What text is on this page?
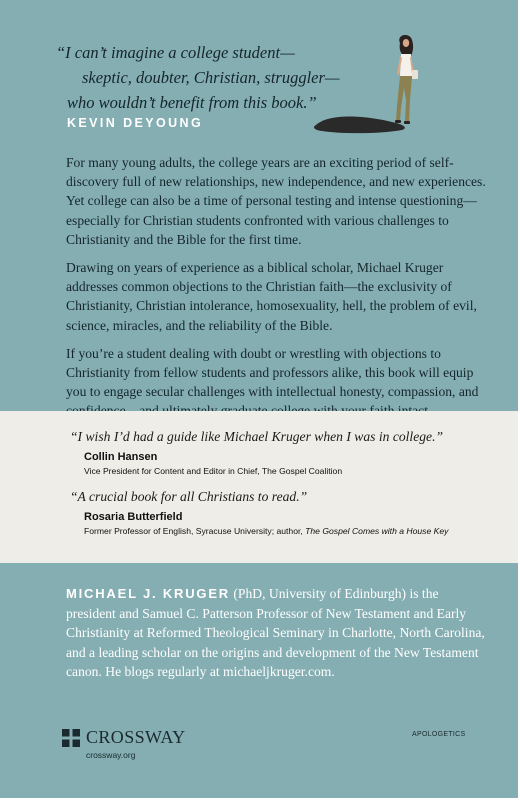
“I can’t imagine a college student—
skeptic, doubter, Christian, struggler—
who wouldn’t benefit from this book.”
KEVIN DEYOUNG

For many young adults, the college years are an exciting period of self-
discovery full of new relationships, new independence, and new experiences.
Yet college can also be a time of personal testing and intense questioning—
especially for Christian students confronted with various challenges to
Christianity and the Bible for the first time.

Drawing on years of experience as a biblical scholar, Michael Kruger
addresses common objections to the Christian faith—the exclusivity of
Christianity, Christian intolerance, homosexuality, hell, the problem of evil,
science, miracles, and the reliability of the Bible.

If you’re a student dealing with doubt or wrestling with objections to
Christianity from fellow students and professors alike, this book will equip
you to engage secular challenges with intellectual honesty, compassion, and

“I wish I’d had a guide like Michael Kruger when I was in college.”
Collin Hansen
Vice President for Content and Editor in Chief, The Gospel Coalition
“A crucial book for all Christians to read.”
Rosaria Butterfield
Former Professor of English, Syracuse University; author, The Gospel Comes with a House Key
MICHAEL J. KRUGER (PhD, University of Edinburgh) is the
president and Samuel C. Patterson Professor of New Testament and Early
Christianity at Reformed Theological Seminary in Charlotte, North Carolina,
and a leading scholar on the origins and development of the New Testament
canon. He blogs regularly at michaeljkruger.com.
CROSSWAY
crossway.org
APOLOGETICS
